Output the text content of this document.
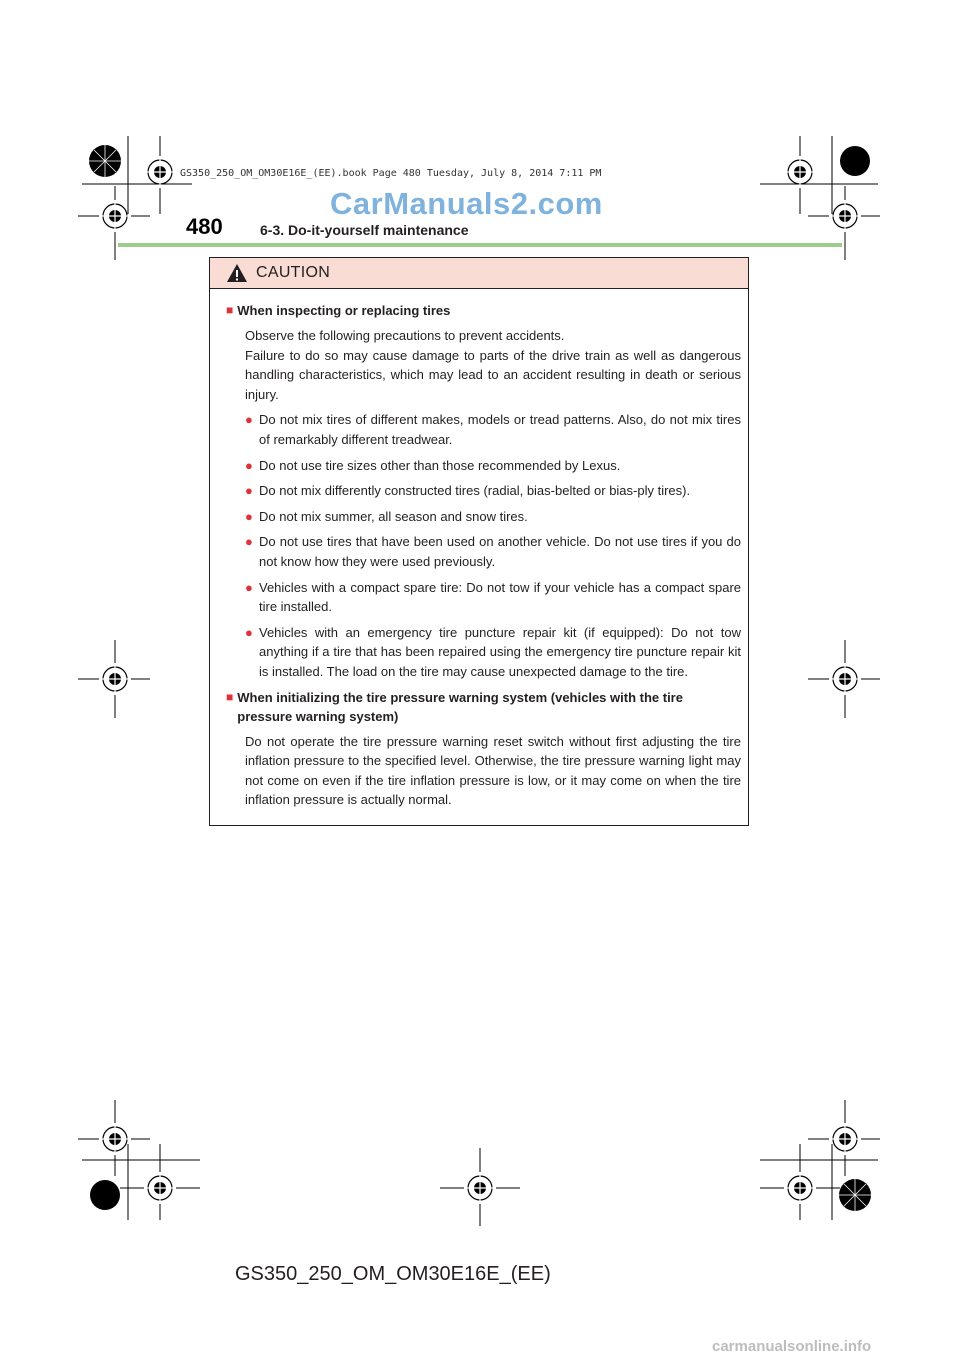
GS350_250_OM_OM30E16E_(EE).book Page 480 Tuesday, July 8, 2014 7:11 PM
CarManuals2.com
480	6-3. Do-it-yourself maintenance
CAUTION
■ When inspecting or replacing tires
Observe the following precautions to prevent accidents.
Failure to do so may cause damage to parts of the drive train as well as dangerous handling characteristics, which may lead to an accident resulting in death or serious injury.
● Do not mix tires of different makes, models or tread patterns. Also, do not mix tires of remarkably different treadwear.
● Do not use tire sizes other than those recommended by Lexus.
● Do not mix differently constructed tires (radial, bias-belted or bias-ply tires).
● Do not mix summer, all season and snow tires.
● Do not use tires that have been used on another vehicle. Do not use tires if you do not know how they were used previously.
● Vehicles with a compact spare tire: Do not tow if your vehicle has a compact spare tire installed.
● Vehicles with an emergency tire puncture repair kit (if equipped): Do not tow anything if a tire that has been repaired using the emergency tire puncture repair kit is installed. The load on the tire may cause unexpected damage to the tire.
■ When initializing the tire pressure warning system (vehicles with the tire pressure warning system)
Do not operate the tire pressure warning reset switch without first adjusting the tire inflation pressure to the specified level. Otherwise, the tire pressure warning light may not come on even if the tire inflation pressure is low, or it may come on when the tire inflation pressure is actually normal.
GS350_250_OM_OM30E16E_(EE)
carmanualsonline.info
